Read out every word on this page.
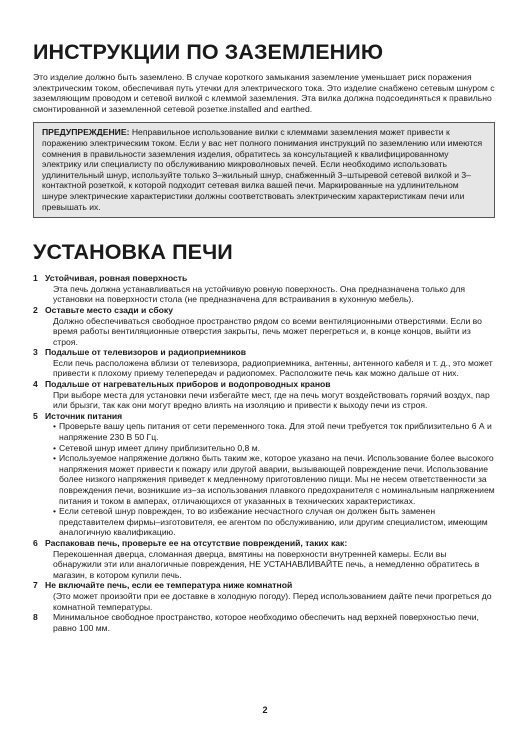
ИНСТРУКЦИИ ПО ЗАЗЕМЛЕНИЮ

Это изделие должно быть заземлено. В случае короткого замыкания заземление уменьшает риск поражения электрическим током, обеспечивая путь утечки для электрического тока. Это изделие снабжено сетевым шнуром с заземляющим проводом и сетевой вилкой с клеммой заземления. Эта вилка должна подсоединяться к правильно смонтированной и заземленной сетевой розетке.installed and earthed.

ПРЕДУПРЕЖДЕНИЕ: Неправильное использование вилки с клеммами заземления может привести к поражению электрическим током. Если у вас нет полного понимания инструкций по заземлению или имеются сомнения в правильности заземления изделия, обратитесь за консультацией к квалифицированному электрику или специалисту по обслуживанию микроволновых печей. Если необходимо использовать удлинительный шнур, используйте только 3–жильный шнур, снабженный 3–штыревой сетевой вилкой и 3–контактной розеткой, к которой подходит сетевая вилка вашей печи. Маркированные на удлинительном шнуре электрические характеристики должны соответствовать электрическим характеристикам печи или превышать их.
УСТАНОВКА ПЕЧИ
1 Устойчивая, ровная поверхность
Эта печь должна устанавливаться на устойчивую ровную поверхность. Она предназначена только для установки на поверхности стола (не предназначена для встраивания в кухонную мебель).
2 Оставьте место сзади и сбоку
Должно обеспечиваться свободное пространство рядом со всеми вентиляционными отверстиями. Если во время работы вентиляционные отверстия закрыты, печь может перегреться и, в конце концов, выйти из строя.
3 Подальше от телевизоров и радиоприемников
Если печь расположена вблизи от телевизора, радиоприемника, антенны, антенного кабеля и т. д., это может привести к плохому приему телепередач и радиопомех. Расположите печь как можно дальше от них.
4 Подальше от нагревательных приборов и водопроводных кранов
При выборе места для установки печи избегайте мест, где на печь могут воздействовать горячий воздух, пар или брызги, так как они могут вредно влиять на изоляцию и привести к выходу печи из строя.
5 Источник питания
• Проверьте вашу цепь питания от сети переменного тока. Для этой печи требуется ток приблизительно 6 А и напряжение 230 В 50 Гц.
• Сетевой шнур имеет длину приблизительно 0,8 м.
• Используемое напряжение должно быть таким же, которое указано на печи. Использование более высокого напряжения может привести к пожару или другой аварии, вызывающей повреждение печи. Использование более низкого напряжения приведет к медленному приготовлению пищи. Мы не несем ответственности за повреждения печи, возникшие из–за использования плавкого предохранителя с номинальным напряжением питания и током в амперах, отличающихся от указанных в технических характеристиках.
• Если сетевой шнур поврежден, то во избежание несчастного случая он должен быть заменен представителем фирмы–изготовителя, ее агентом по обслуживанию, или другим специалистом, имеющим аналогичную квалификацию.
6 Распаковав печь, проверьте ее на отсутствие повреждений, таких как:
Перекошенная дверца, сломанная дверца, вмятины на поверхности внутренней камеры. Если вы обнаружили эти или аналогичные повреждения, НЕ УСТАНАВЛИВАЙТЕ печь, а немедленно обратитесь в магазин, в котором купили печь.
7 Не включайте печь, если ее температура ниже комнатной
(Это может произойти при ее доставке в холодную погоду). Перед использованием дайте печи прогреться до комнатной температуры.
8	Минимальное свободное пространство, которое необходимо обеспечить над верхней поверхностью печи, равно 100 мм.
2
